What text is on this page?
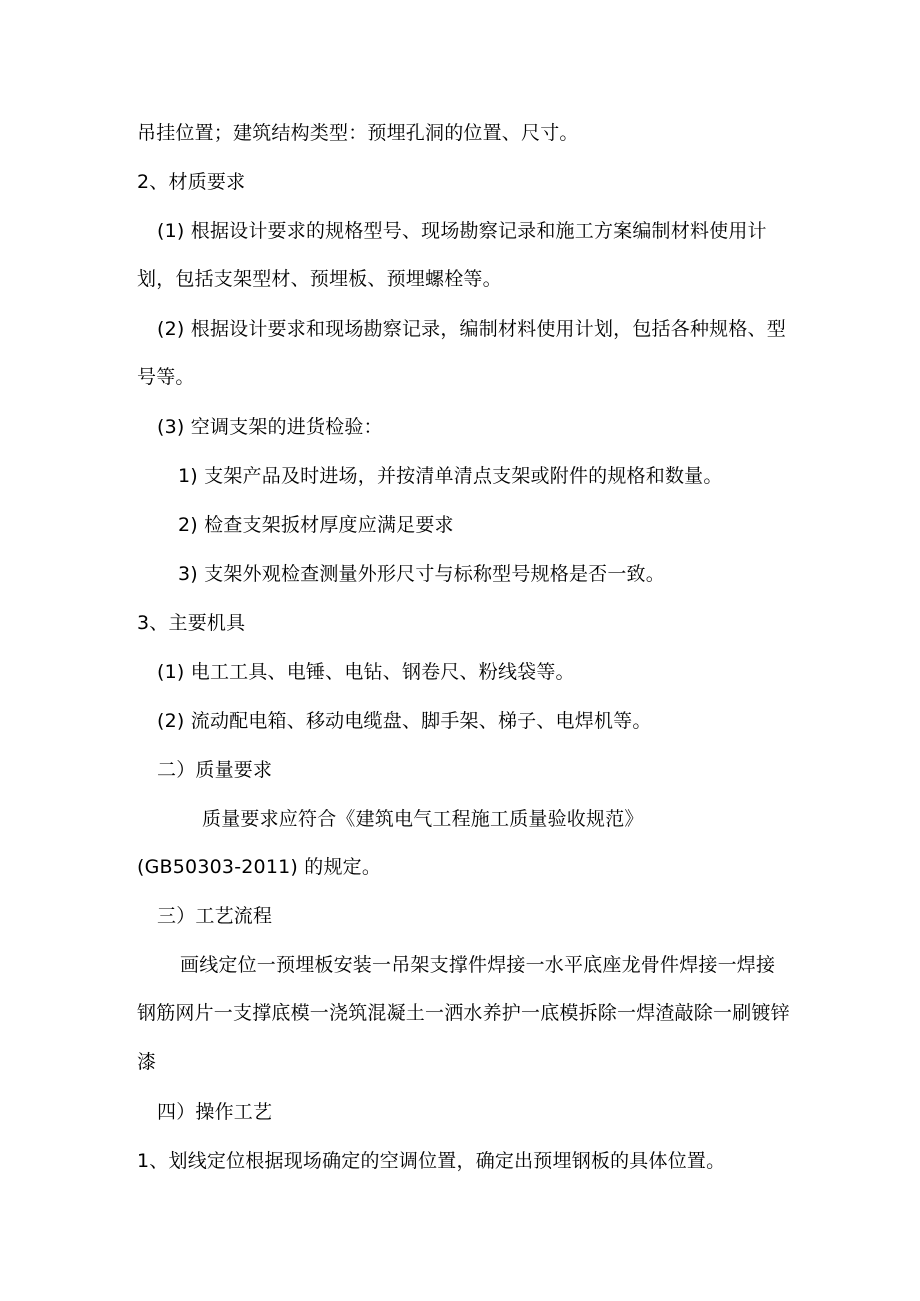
吊挂位置；建筑结构类型：预埋孔洞的位置、尺寸。
2、材质要求
(1) 根据设计要求的规格型号、现场勘察记录和施工方案编制材料使用计
划，包括支架型材、预埋板、预埋螺栓等。
(2) 根据设计要求和现场勘察记录，编制材料使用计划，包括各种规格、型
号等。
(3) 空调支架的进货检验：
1) 支架产品及时进场，并按清单清点支架或附件的规格和数量。
2) 检查支架扳材厚度应满足要求
3) 支架外观检查测量外形尺寸与标称型号规格是否一致。
3、主要机具
(1) 电工工具、电锤、电钻、钢卷尺、粉线袋等。
(2) 流动配电箱、移动电缆盘、脚手架、梯子、电焊机等。
二）质量要求
质量要求应符合《建筑电气工程施工质量验收规范》
(GB50303-2011) 的规定。
三）工艺流程
画线定位一预埋板安装一吊架支撑件焊接一水平底座龙骨件焊接一焊接
钢筋网片一支撑底模一浇筑混凝土一洒水养护一底模拆除一焊渣敲除一刷镀锌
漆
四）操作工艺
1、划线定位根据现场确定的空调位置，确定出预埋钢板的具体位置。
